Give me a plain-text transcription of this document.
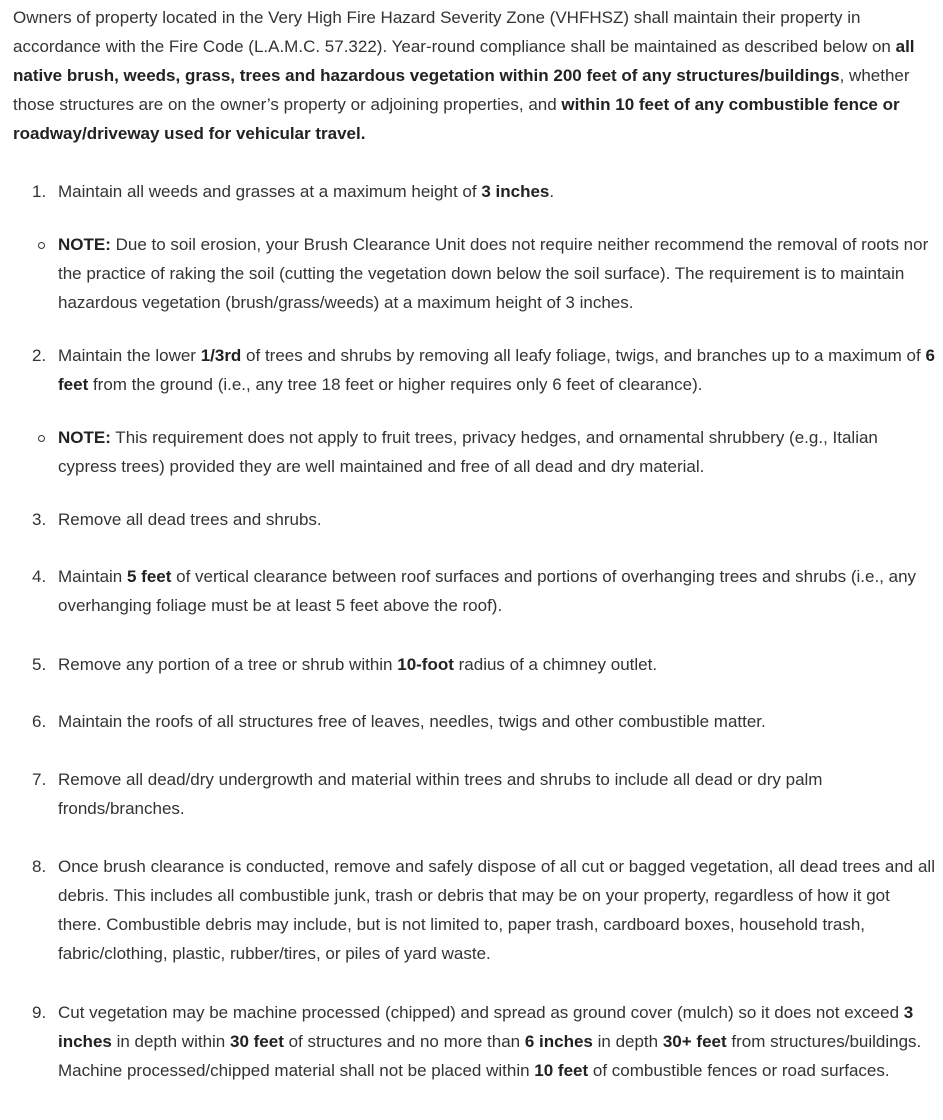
Owners of property located in the Very High Fire Hazard Severity Zone (VHFHSZ) shall maintain their property in accordance with the Fire Code (L.A.M.C. 57.322). Year-round compliance shall be maintained as described below on all native brush, weeds, grass, trees and hazardous vegetation within 200 feet of any structures/buildings, whether those structures are on the owner’s property or adjoining properties, and within 10 feet of any combustible fence or roadway/driveway used for vehicular travel.

1. Maintain all weeds and grasses at a maximum height of 3 inches.

NOTE: Due to soil erosion, your Brush Clearance Unit does not require neither recommend the removal of roots nor the practice of raking the soil (cutting the vegetation down below the soil surface). The requirement is to maintain hazardous vegetation (brush/grass/weeds) at a maximum height of 3 inches.

2. Maintain the lower 1/3rd of trees and shrubs by removing all leafy foliage, twigs, and branches up to a maximum of 6 feet from the ground (i.e., any tree 18 feet or higher requires only 6 feet of clearance).

NOTE: This requirement does not apply to fruit trees, privacy hedges, and ornamental shrubbery (e.g., Italian cypress trees) provided they are well maintained and free of all dead and dry material.

3. Remove all dead trees and shrubs.

4. Maintain 5 feet of vertical clearance between roof surfaces and portions of overhanging trees and shrubs (i.e., any overhanging foliage must be at least 5 feet above the roof).

5. Remove any portion of a tree or shrub within 10-foot radius of a chimney outlet.

6. Maintain the roofs of all structures free of leaves, needles, twigs and other combustible matter.

7. Remove all dead/dry undergrowth and material within trees and shrubs to include all dead or dry palm fronds/branches.

8. Once brush clearance is conducted, remove and safely dispose of all cut or bagged vegetation, all dead trees and all debris. This includes all combustible junk, trash or debris that may be on your property, regardless of how it got there. Combustible debris may include, but is not limited to, paper trash, cardboard boxes, household trash, fabric/clothing, plastic, rubber/tires, or piles of yard waste.

9. Cut vegetation may be machine processed (chipped) and spread as ground cover (mulch) so it does not exceed 3 inches in depth within 30 feet of structures and no more than 6 inches in depth 30+ feet from structures/buildings. Machine processed/chipped material shall not be placed within 10 feet of combustible fences or road surfaces.
